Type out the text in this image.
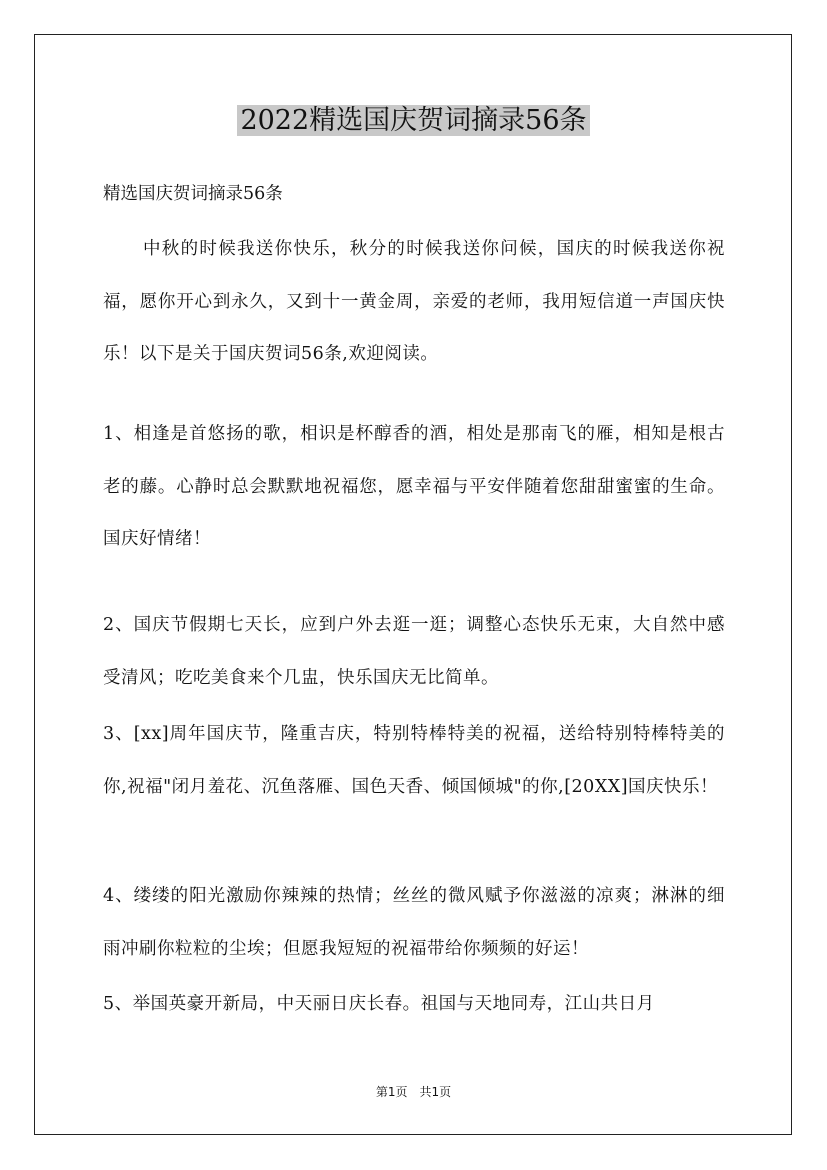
2022精选国庆贺词摘录56条

精选国庆贺词摘录56条

中秋的时候我送你快乐，秋分的时候我送你问候，国庆的时候我送你祝福，愿你开心到永久，又到十一黄金周，亲爱的老师，我用短信道一声国庆快乐！以下是关于国庆贺词56条,欢迎阅读。

1、相逢是首悠扬的歌，相识是杯醇香的酒，相处是那南飞的雁，相知是根古老的藤。心静时总会默默地祝福您，愿幸福与平安伴随着您甜甜蜜蜜的生命。国庆好情绪！

2、国庆节假期七天长，应到户外去逛一逛；调整心态快乐无束，大自然中感受清风；吃吃美食来个几盅，快乐国庆无比简单。

3、[xx]周年国庆节，隆重吉庆，特别特棒特美的祝福，送给特别特棒特美的你,祝福"闭月羞花、沉鱼落雁、国色天香、倾国倾城"的你,[20XX]国庆快乐！

4、缕缕的阳光激励你辣辣的热情；丝丝的微风赋予你滋滋的凉爽；淋淋的细雨冲刷你粒粒的尘埃；但愿我短短的祝福带给你频频的好运！

5、举国英豪开新局，中天丽日庆长春。祖国与天地同寿，江山共日月

第1页　共1页
